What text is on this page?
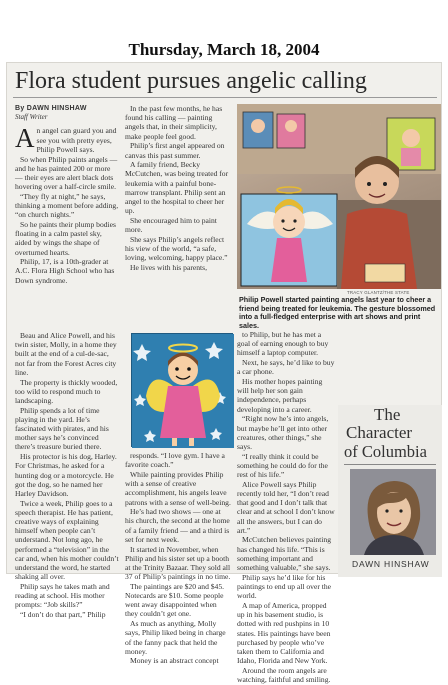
Thursday, March 18, 2004
Flora student pursues angelic calling
By DAWN HINSHAW
Staff Writer

An angel can guard you and see you with pretty eyes, Philip Powell says.

So when Philip paints angels — and he has painted 200 or more — their eyes are alert black dots hovering over a half-circle smile.

“They fly at night,” he says, thinking a moment before adding, “on church nights.”

So he paints their plump bodies floating in a calm pastel sky, aided by wings the shape of overturned hearts.

Philip, 17, is a 10th-grader at A.C. Flora High School who has Down syndrome.

In the past few months, he has found his calling — painting angels that, in their simplicity, make people feel good.

Philip’s first angel appeared on canvas this past summer.

A family friend, Becky McCutchen, was being treated for leukemia with a painful bone-marrow transplant. Philip sent an angel to the hospital to cheer her up.

She encouraged him to paint more.

She says Philip’s angels reflect his view of the world, “a safe, loving, welcoming, happy place.”

He lives with his parents,

TRACY GLANTZ/THE STATE
Philip Powell started painting angels last year to cheer a friend being treated for leukemia. The gesture blossomed into a full-fledged enterprise with art shows and print sales.

Beau and Alice Powell, and his twin sister, Molly, in a home they built at the end of a cul-de-sac, not far from the Forest Acres city line.

The property is thickly wooded, too wild to respond much to landscaping.

Philip spends a lot of time playing in the yard. He’s fascinated with pirates, and his mother says he’s convinced there’s treasure buried there.

His protector is his dog, Harley. For Christmas, he asked for a hunting dog or a motorcycle. He got the dog, so he named her Harley Davidson.

Twice a week, Philip goes to a speech therapist. He has patient, creative ways of explaining himself when people can’t understand. Not long ago, he performed a “television” in the car and, when his mother couldn’t understand the word, he started shaking all over.

Philip says he takes math and reading at school. His mother prompts: “Job skills?”

“I don’t do that part,” Philip

responds. “I love gym. I have a favorite coach.”

While painting provides Philip with a sense of creative accomplishment, his angels leave patrons with a sense of well-being.

He’s had two shows — one at his church, the second at the home of a family friend — and a third is set for next week.

It started in November, when Philip and his sister set up a booth at the Trinity Bazaar. They sold all 37 of Philip’s paintings in no time.

The paintings are $20 and $45. Notecards are $10. Some people went away disappointed when they couldn’t get one.

As much as anything, Molly says, Philip liked being in charge of the fanny pack that held the money.

Money is an abstract concept

to Philip, but he has met a goal of earning enough to buy himself a laptop computer.

Next, he says, he’d like to buy a car phone.

His mother hopes painting will help her son gain independence, perhaps developing into a career.

“Right now he’s into angels, but maybe he’ll get into other creatures, other things,” she says.

“I really think it could be something he could do for the rest of his life.”

Alice Powell says Philip recently told her, “I don’t read that good and I don’t talk that clear and at school I don’t know all the answers, but I can do art.”

McCutchen believes painting has changed his life. “This is something important and something valuable,” she says.

Philip says he’d like for his paintings to end up all over the world.

A map of America, propped up in his basement studio, is dotted with red pushpins in 10 states. His paintings have been purchased by people who’ve taken them to California and Idaho, Florida and New York.

Around the room angels are watching, faithful and smiling.

The
Character
of Columbia
DAWN HINSHAW
